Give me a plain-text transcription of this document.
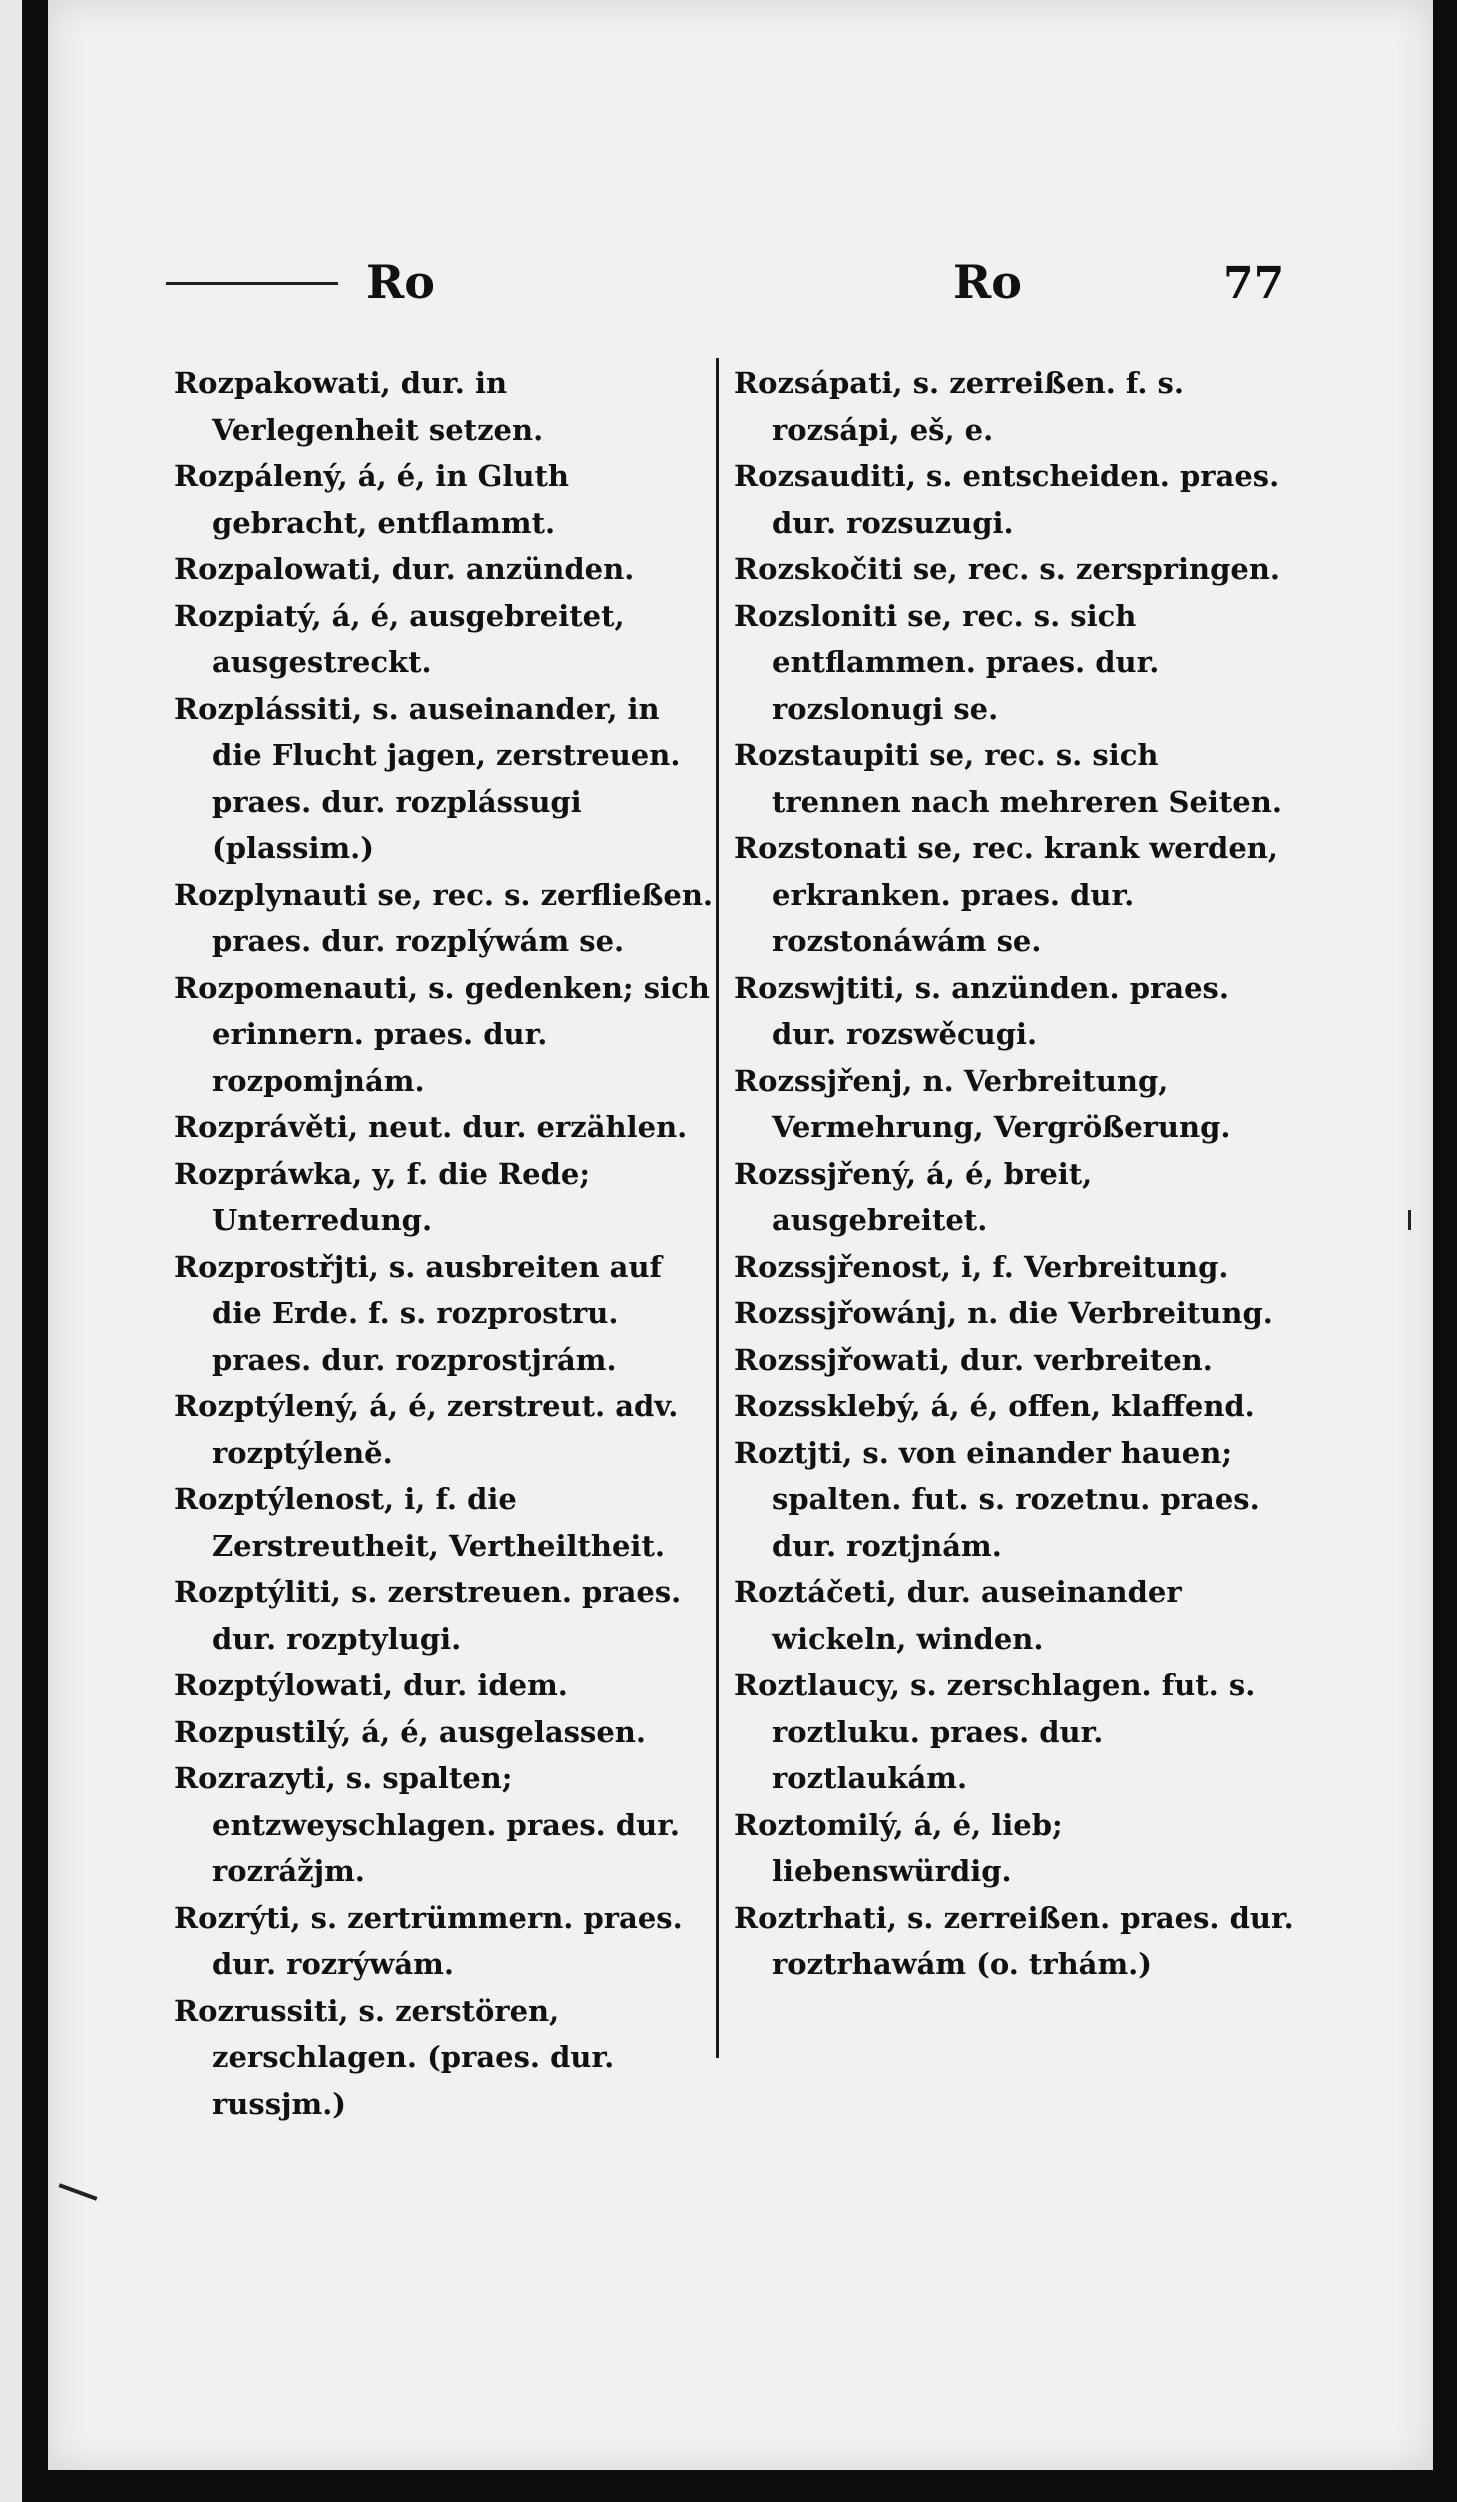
Ro	Ro	77

Rozpakowati, dur. in Verlegenheit setzen.

Rozpálený, á, é, in Gluth gebracht, entflammt.

Rozpalowati, dur. anzünden.

Rozpiatý, á, é, ausgebreitet, ausgestreckt.

Rozplássiti, s. auseinander, in die Flucht jagen, zerstreuen. praes. dur. rozplássugi (plassim.)

Rozplynauti se, rec. s. zerfließen. praes. dur. rozplýwám se.

Rozpomenauti, s. gedenken; sich erinnern. praes. dur. rozpomjnám.

Rozprávěti, neut. dur. erzählen.

Rozpráwka, y, f. die Rede; Unterredung.

Rozprostřjti, s. ausbreiten auf die Erde. f. s. rozprostru. praes. dur. rozprostjrám.

Rozptýlený, á, é, zerstreut. adv. rozptýlenĕ.

Rozptýlenost, i, f. die Zerstreutheit, Vertheiltheit.

Rozptýliti, s. zerstreuen. praes. dur. rozptylugi.

Rozptýlowati, dur. idem.

Rozpustilý, á, é, ausgelassen.

Rozrazyti, s. spalten; entzweyschlagen. praes. dur. rozrážjm.

Rozrýti, s. zertrümmern. praes. dur. rozrýwám.

Rozrussiti, s. zerstören, zerschlagen. (praes. dur. russjm.)

Rozsápati, s. zerreißen. f. s. rozsápi, eš, e.

Rozsauditi, s. entscheiden. praes. dur. rozsuzugi.

Rozskočiti se, rec. s. zerspringen.

Rozsloniti se, rec. s. sich entflammen. praes. dur. rozslonugi se.

Rozstaupiti se, rec. s. sich trennen nach mehreren Seiten.

Rozstonati se, rec. krank werden, erkranken. praes. dur. rozstonáwám se.

Rozswjtiti, s. anzünden. praes. dur. rozswěcugi.

Rozssjřenj, n. Verbreitung, Vermehrung, Vergrößerung.

Rozssjřený, á, é, breit, ausgebreitet.

Rozssjřenost, i, f. Verbreitung.

Rozssjřowánj, n. die Verbreitung.

Rozssjřowati, dur. verbreiten.

Rozssklebý, á, é, offen, klaffend.

Roztjti, s. von einander hauen; spalten. fut. s. rozetnu. praes. dur. roztjnám.

Roztáčeti, dur. auseinander wickeln, winden.

Roztlaucy, s. zerschlagen. fut. s. roztluku. praes. dur. roztlaukám.

Roztomilý, á, é, lieb; liebenswürdig.

Roztrhati, s. zerreißen. praes. dur. roztrhawám (o. trhám.)
